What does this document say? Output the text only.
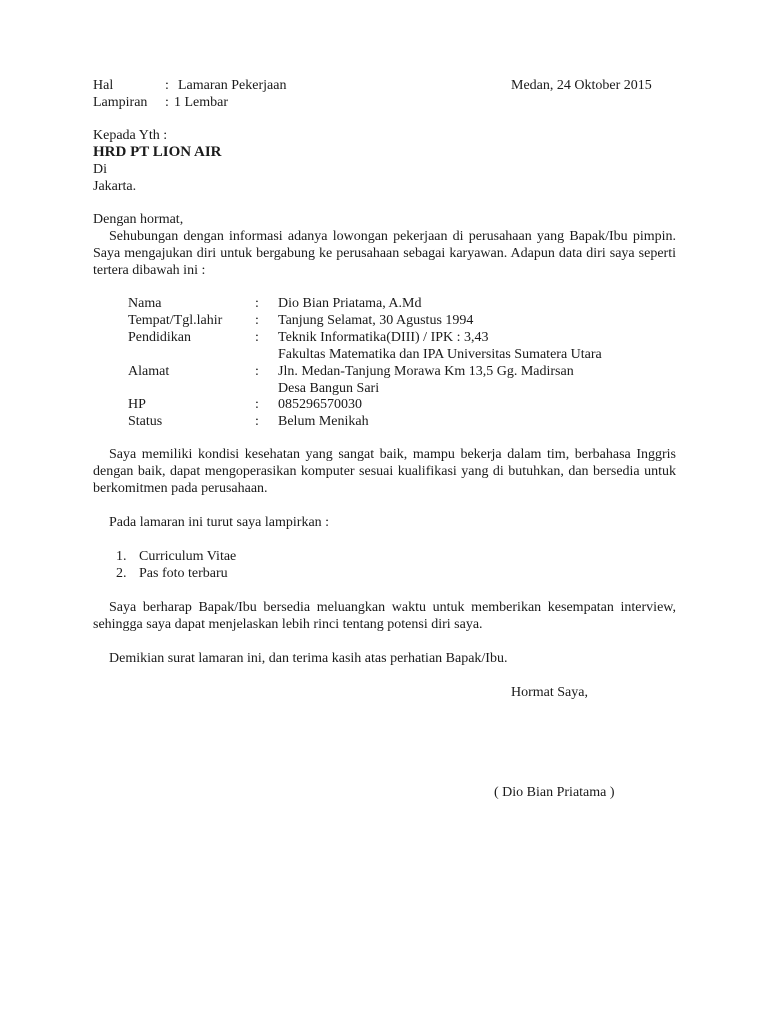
Hal	: Lamaran Pekerjaan	Medan, 24 Oktober 2015
Lampiran : 1 Lembar
Kepada Yth :
HRD PT LION AIR
Di
Jakarta.
Dengan hormat,
Sehubungan dengan informasi adanya lowongan pekerjaan di perusahaan yang Bapak/Ibu pimpin. Saya mengajukan diri untuk bergabung ke perusahaan sebagai karyawan. Adapun data diri saya seperti tertera dibawah ini :
Nama	: Dio Bian Priatama, A.Md
Tempat/Tgl.lahir : Tanjung Selamat, 30 Agustus 1994
Pendidikan	: Teknik Informatika(DIII) / IPK : 3,43
Fakultas Matematika dan IPA Universitas Sumatera Utara
Alamat	: Jln. Medan-Tanjung Morawa Km 13,5 Gg. Madirsan
Desa Bangun Sari
HP	: 085296570030
Status	: Belum Menikah
Saya memiliki kondisi kesehatan yang sangat baik, mampu bekerja dalam tim, berbahasa Inggris dengan baik, dapat mengoperasikan komputer sesuai kualifikasi yang di butuhkan, dan bersedia untuk berkomitmen pada perusahaan.
Pada lamaran ini turut saya lampirkan :
1. Curriculum Vitae
2. Pas foto terbaru
Saya berharap Bapak/Ibu bersedia meluangkan waktu untuk memberikan kesempatan interview, sehingga saya dapat menjelaskan lebih rinci tentang potensi diri saya.
Demikian surat lamaran ini, dan terima kasih atas perhatian Bapak/Ibu.
Hormat Saya,
( Dio Bian Priatama )
